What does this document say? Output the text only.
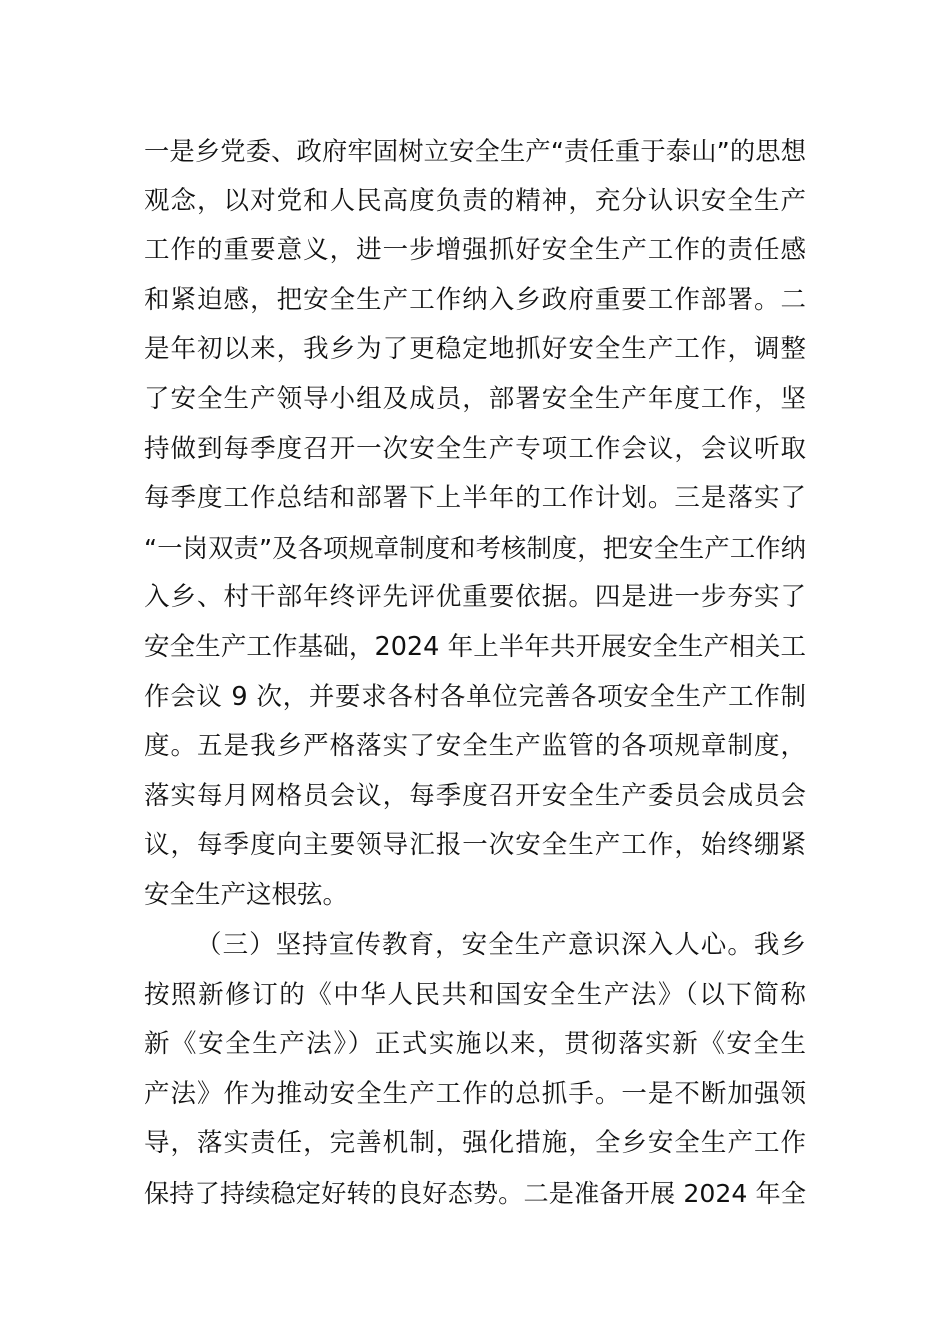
一是乡党委、政府牢固树立安全生产“责任重于泰山”的思想
观念，以对党和人民高度负责的精神，充分认识安全生产
工作的重要意义，进一步增强抓好安全生产工作的责任感
和紧迫感，把安全生产工作纳入乡政府重要工作部署。二
是年初以来，我乡为了更稳定地抓好安全生产工作，调整
了安全生产领导小组及成员，部署安全生产年度工作，坚
持做到每季度召开一次安全生产专项工作会议，会议听取
每季度工作总结和部署下上半年的工作计划。三是落实了
“一岗双责”及各项规章制度和考核制度，把安全生产工作纳
入乡、村干部年终评先评优重要依据。四是进一步夯实了
安全生产工作基础，2024 年上半年共开展安全生产相关工
作会议 9 次，并要求各村各单位完善各项安全生产工作制
度。五是我乡严格落实了安全生产监管的各项规章制度，
落实每月网格员会议，每季度召开安全生产委员会成员会
议，每季度向主要领导汇报一次安全生产工作，始终绷紧
安全生产这根弦。
（三）坚持宣传教育，安全生产意识深入人心。我乡
按照新修订的《中华人民共和国安全生产法》（以下简称
新《安全生产法》）正式实施以来，贯彻落实新《安全生
产法》作为推动安全生产工作的总抓手。一是不断加强领
导，落实责任，完善机制，强化措施，全乡安全生产工作
保持了持续稳定好转的良好态势。二是准备开展 2024 年全
